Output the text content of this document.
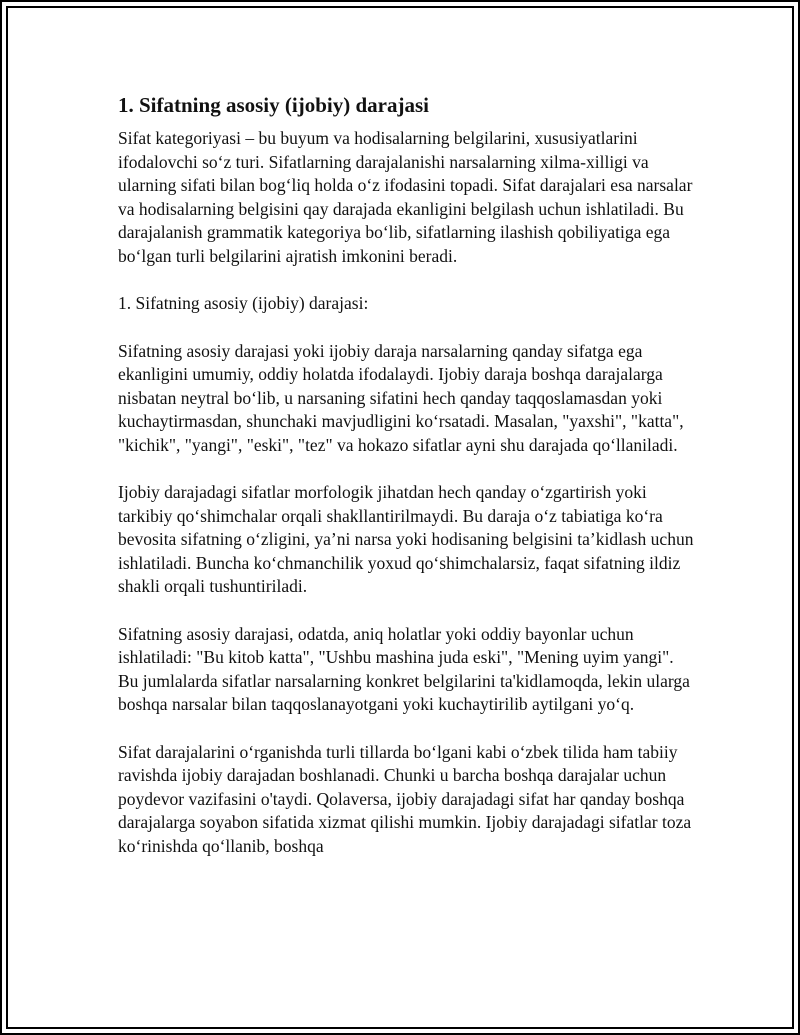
1. Sifatning asosiy (ijobiy) darajasi

Sifat kategoriyasi – bu buyum va hodisalarning belgilarini, xususiyatlarini ifodalovchi so‘z turi. Sifatlarning darajalanishi narsalarning xilma-xilligi va ularning sifati bilan bog‘liq holda o‘z ifodasini topadi. Sifat darajalari esa narsalar va hodisalarning belgisini qay darajada ekanligini belgilash uchun ishlatiladi. Bu darajalanish grammatik kategoriya bo‘lib, sifatlarning ilashish qobiliyatiga ega bo‘lgan turli belgilarini ajratish imkonini beradi.

1. Sifatning asosiy (ijobiy) darajasi:

Sifatning asosiy darajasi yoki ijobiy daraja narsalarning qanday sifatga ega ekanligini umumiy, oddiy holatda ifodalaydi. Ijobiy daraja boshqa darajalarga nisbatan neytral bo‘lib, u narsaning sifatini hech qanday taqqoslamasdan yoki kuchaytirmasdan, shunchaki mavjudligini ko‘rsatadi. Masalan, "yaxshi", "katta", "kichik", "yangi", "eski", "tez" va hokazo sifatlar ayni shu darajada qo‘llaniladi.

Ijobiy darajadagi sifatlar morfologik jihatdan hech qanday o‘zgartirish yoki tarkibiy qo‘shimchalar orqali shakllantirilmaydi. Bu daraja o‘z tabiatiga ko‘ra bevosita sifatning o‘zligini, ya’ni narsa yoki hodisaning belgisini ta’kidlash uchun ishlatiladi. Buncha ko‘chmanchilik yoxud qo‘shimchalarsiz, faqat sifatning ildiz shakli orqali tushuntiriladi.

Sifatning asosiy darajasi, odatda, aniq holatlar yoki oddiy bayonlar uchun ishlatiladi: "Bu kitob katta", "Ushbu mashina juda eski", "Mening uyim yangi". Bu jumlalarda sifatlar narsalarning konkret belgilarini ta'kidlamoqda, lekin ularga boshqa narsalar bilan taqqoslanayotgani yoki kuchaytirilib aytilgani yo‘q.

Sifat darajalarini o‘rganishda turli tillarda bo‘lgani kabi o‘zbek tilida ham tabiiy ravishda ijobiy darajadan boshlanadi. Chunki u barcha boshqa darajalar uchun poydevor vazifasini o'taydi. Qolaversa, ijobiy darajadagi sifat har qanday boshqa darajalarga soyabon sifatida xizmat qilishi mumkin. Ijobiy darajadagi sifatlar toza ko‘rinishda qo‘llanib, boshqa
